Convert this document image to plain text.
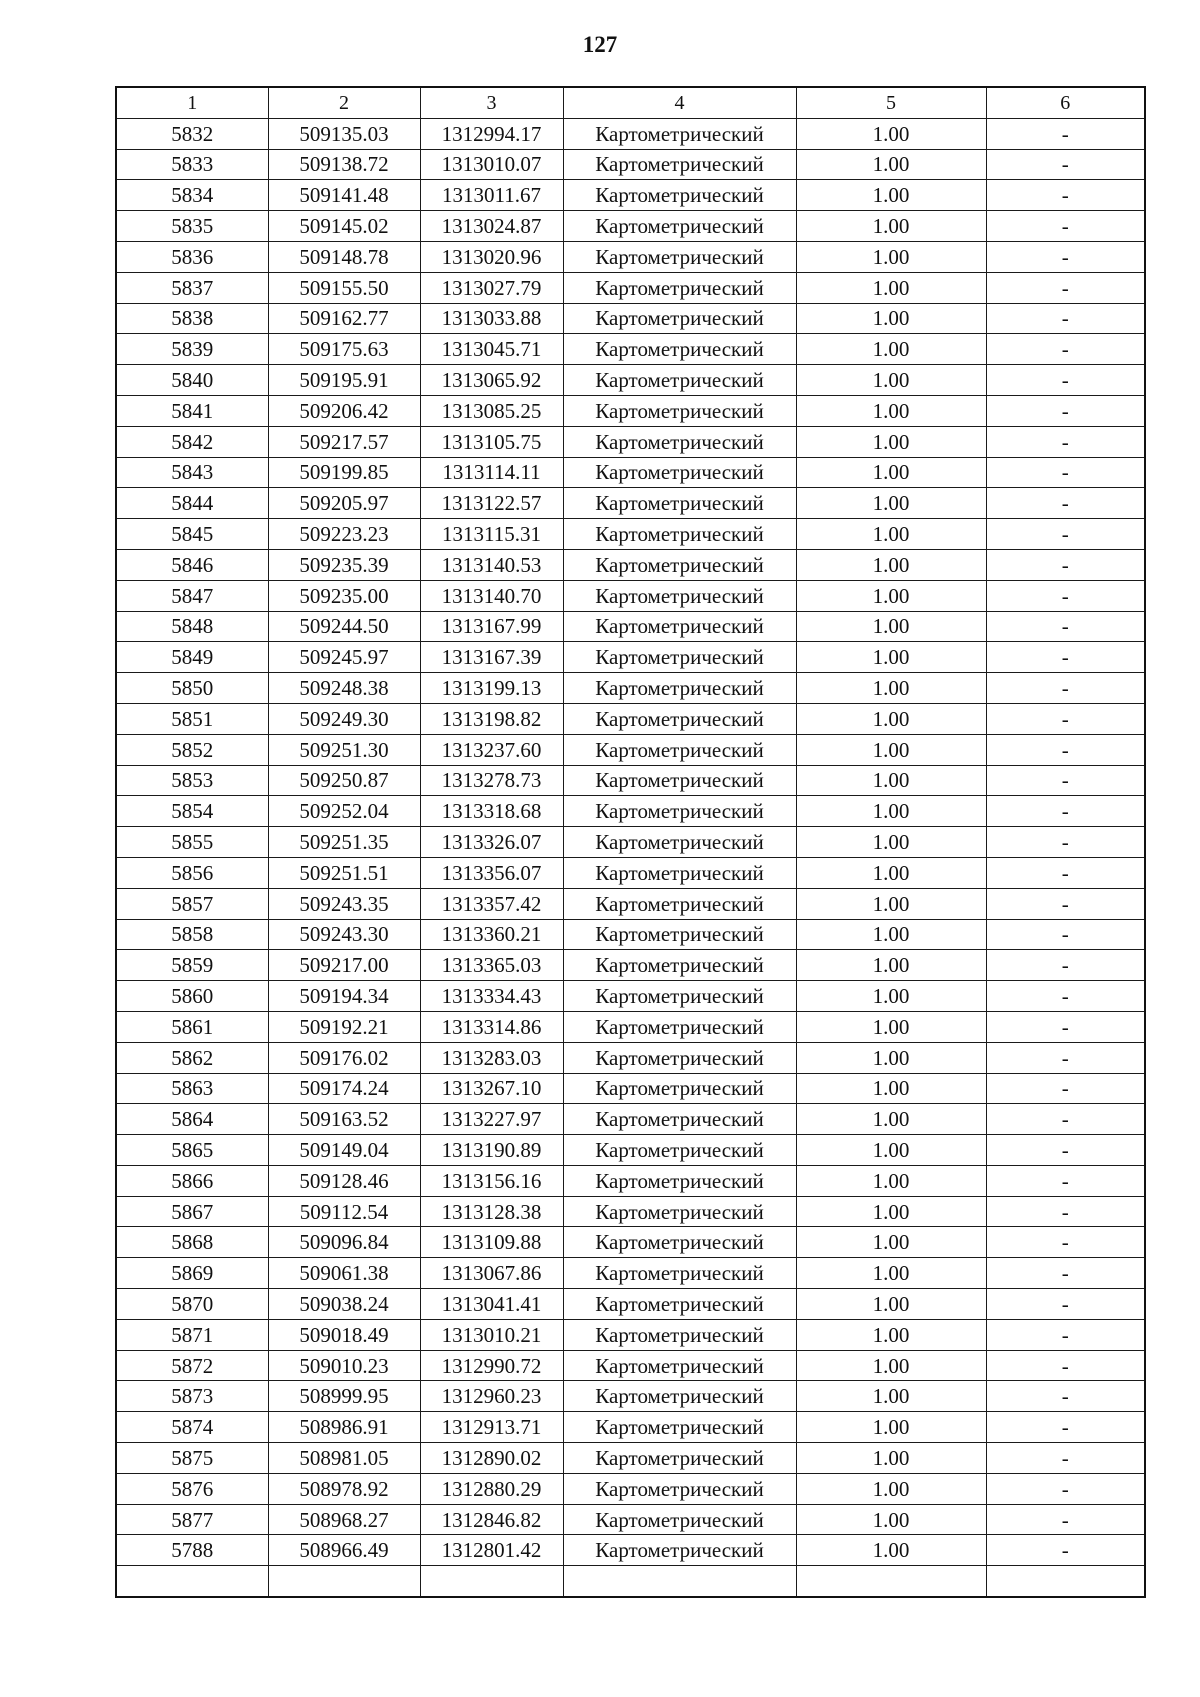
127
1	2	3	4	5	6
5832	509135.03	1312994.17	Картометрический	1.00	-
5833	509138.72	1313010.07	Картометрический	1.00	-
5834	509141.48	1313011.67	Картометрический	1.00	-
5835	509145.02	1313024.87	Картометрический	1.00	-
5836	509148.78	1313020.96	Картометрический	1.00	-
5837	509155.50	1313027.79	Картометрический	1.00	-
5838	509162.77	1313033.88	Картометрический	1.00	-
5839	509175.63	1313045.71	Картометрический	1.00	-
5840	509195.91	1313065.92	Картометрический	1.00	-
5841	509206.42	1313085.25	Картометрический	1.00	-
5842	509217.57	1313105.75	Картометрический	1.00	-
5843	509199.85	1313114.11	Картометрический	1.00	-
5844	509205.97	1313122.57	Картометрический	1.00	-
5845	509223.23	1313115.31	Картометрический	1.00	-
5846	509235.39	1313140.53	Картометрический	1.00	-
5847	509235.00	1313140.70	Картометрический	1.00	-
5848	509244.50	1313167.99	Картометрический	1.00	-
5849	509245.97	1313167.39	Картометрический	1.00	-
5850	509248.38	1313199.13	Картометрический	1.00	-
5851	509249.30	1313198.82	Картометрический	1.00	-
5852	509251.30	1313237.60	Картометрический	1.00	-
5853	509250.87	1313278.73	Картометрический	1.00	-
5854	509252.04	1313318.68	Картометрический	1.00	-
5855	509251.35	1313326.07	Картометрический	1.00	-
5856	509251.51	1313356.07	Картометрический	1.00	-
5857	509243.35	1313357.42	Картометрический	1.00	-
5858	509243.30	1313360.21	Картометрический	1.00	-
5859	509217.00	1313365.03	Картометрический	1.00	-
5860	509194.34	1313334.43	Картометрический	1.00	-
5861	509192.21	1313314.86	Картометрический	1.00	-
5862	509176.02	1313283.03	Картометрический	1.00	-
5863	509174.24	1313267.10	Картометрический	1.00	-
5864	509163.52	1313227.97	Картометрический	1.00	-
5865	509149.04	1313190.89	Картометрический	1.00	-
5866	509128.46	1313156.16	Картометрический	1.00	-
5867	509112.54	1313128.38	Картометрический	1.00	-
5868	509096.84	1313109.88	Картометрический	1.00	-
5869	509061.38	1313067.86	Картометрический	1.00	-
5870	509038.24	1313041.41	Картометрический	1.00	-
5871	509018.49	1313010.21	Картометрический	1.00	-
5872	509010.23	1312990.72	Картометрический	1.00	-
5873	508999.95	1312960.23	Картометрический	1.00	-
5874	508986.91	1312913.71	Картометрический	1.00	-
5875	508981.05	1312890.02	Картометрический	1.00	-
5876	508978.92	1312880.29	Картометрический	1.00	-
5877	508968.27	1312846.82	Картометрический	1.00	-
5788	508966.49	1312801.42	Картометрический	1.00	-
